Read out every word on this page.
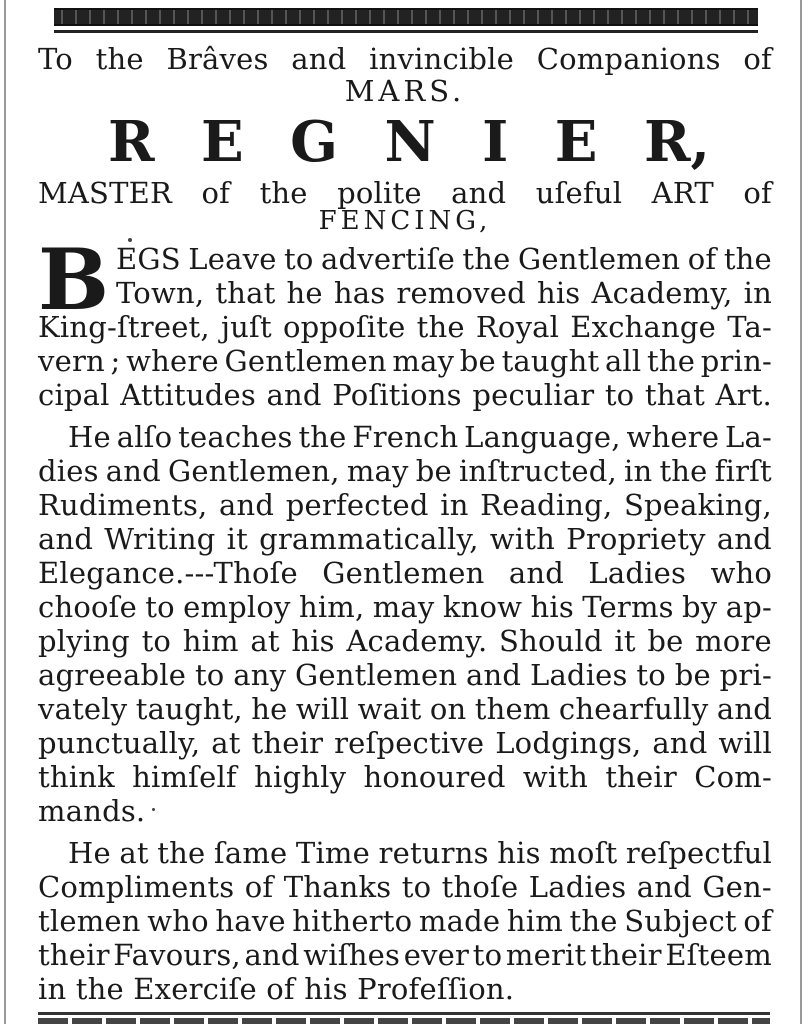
To the Brâves and invincible Companions of
MARS.
R E G N I E R,
MASTER of the polite and uſeful ART of
FENCING,
B EGS Leave to advertiſe the Gentlemen of the
Town, that he has removed his Academy, in
King-ſtreet, juſt oppoſite the Royal Exchange Ta-
vern ; where Gentlemen may be taught all the prin-
cipal Attitudes and Poſitions peculiar to that Art.
He alſo teaches the French Language, where La-
dies and Gentlemen, may be inſtructed, in the firſt
Rudiments, and perfected in Reading, Speaking,
and Writing it grammatically, with Propriety and
Elegance.---Thoſe Gentlemen and Ladies who
chooſe to employ him, may know his Terms by ap-
plying to him at his Academy. Should it be more
agreeable to any Gentlemen and Ladies to be pri-
vately taught, he will wait on them chearfully and
punctually, at their reſpective Lodgings, and will
think himſelf highly honoured with their Com-
mands.
He at the ſame Time returns his moſt reſpectful
Compliments of Thanks to thoſe Ladies and Gen-
tlemen who have hitherto made him the Subject of
their Favours, and wiſhes ever to merit their Eſteem
in the Exerciſe of his Profeſſion.
